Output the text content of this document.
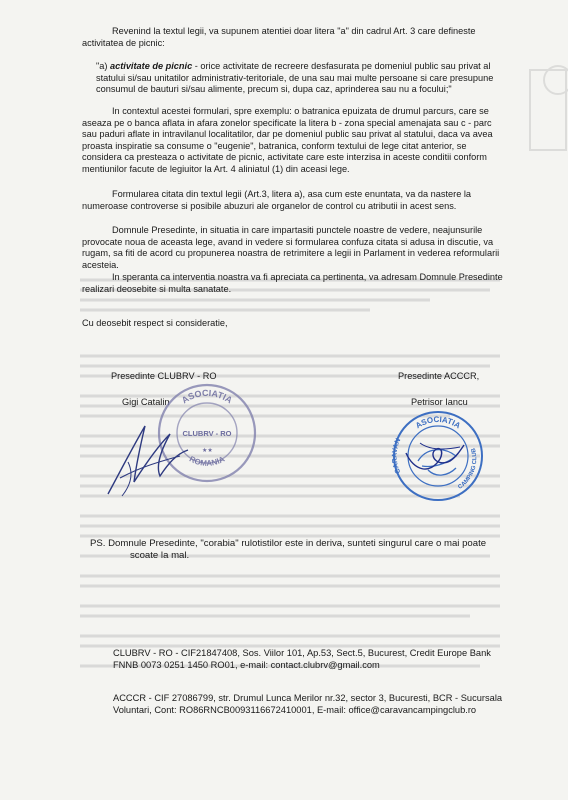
Revenind la textul legii, va supunem atentiei doar litera "a" din cadrul Art. 3 care defineste activitatea de picnic:

"a) activitate de picnic - orice activitate de recreere desfasurata pe domeniul public sau privat al statului si/sau unitatilor administrativ-teritoriale, de una sau mai multe persoane si care presupune consumul de bauturi si/sau alimente, precum si, dupa caz, aprinderea sau nu a focului;"

In contextul acestei formulari, spre exemplu: o batranica epuizata de drumul parcurs, care se aseaza pe o banca aflata in afara zonelor specificate la litera b - zona special amenajata sau c - parc sau paduri aflate in intravilanul localitatilor, dar pe domeniul public sau privat al statului, daca va avea proasta inspiratie sa consume o "eugenie", batranica, conform textului de lege citat anterior, se considera ca presteaza o activitate de picnic, activitate care este interzisa in aceste conditii conform mentiunilor facute de legiuitor la Art. 4 aliniatul (1) din aceasi lege.

Formularea citata din textul legii (Art.3, litera a), asa cum este enuntata, va da nastere la numeroase controverse si posibile abuzuri ale organelor de control cu atributii in acest sens.

Domnule Presedinte, in situatia in care impartasiti punctele noastre de vedere, neajunsurile provocate noua de aceasta lege, avand in vedere si formularea confuza citata si adusa in discutie, va rugam, sa fiti de acord cu propunerea noastra de retrimitere a legii in Parlament in vederea reformularii acesteia.

In speranta ca interventia noastra va fi apreciata ca pertinenta, va adresam Domnule Presedinte realizari deosebite si multa sanatate.

Cu deosebit respect si consideratie,

Presedinte CLUBRV - RO
Gigi Catalin
Presedinte ACCCR,
Petrisor Iancu
ASOCIATIA
CLUBRV - RO
★★
ROMANIA
ASOCIATIA
CARAVAN
CAMPING CLUB
PS. Domnule Presedinte, "corabia" rulotistilor este in deriva, sunteti singurul care o mai poate
scoate la mal.
CLUBRV - RO - CIF21847408, Sos. Viilor 101, Ap.53, Sect.5, Bucurest, Credit Europe Bank
FNNB 0073 0251 1450 RO01, e-mail: contact.clubrv@gmail.com
ACCCR - CIF 27086799, str. Drumul Lunca Merilor nr.32, sector 3, Bucuresti, BCR - Sucursala
Voluntari, Cont: RO86RNCB0093116672410001, E-mail: office@caravancampingclub.ro
